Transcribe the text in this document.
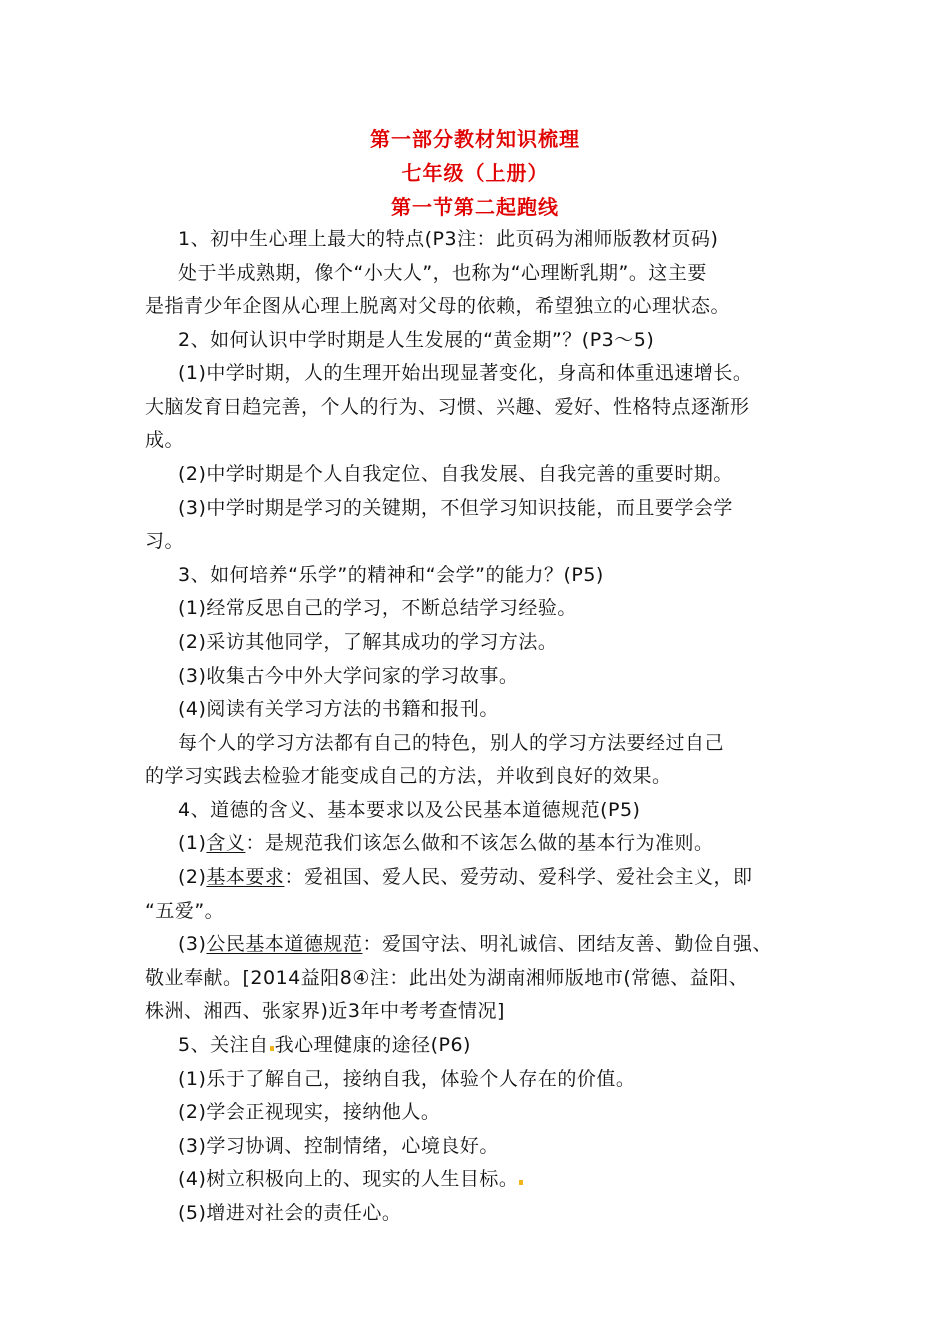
第一部分教材知识梳理
七年级（上册）
第一节第二起跑线
1、初中生心理上最大的特点(P3注：此页码为湘师版教材页码)
处于半成熟期，像个“小大人”，也称为“心理断乳期”。这主要
是指青少年企图从心理上脱离对父母的依赖，希望独立的心理状态。
2、如何认识中学时期是人生发展的“黄金期”？(P3～5)
(1)中学时期，人的生理开始出现显著变化，身高和体重迅速增长。
大脑发育日趋完善，个人的行为、习惯、兴趣、爱好、性格特点逐渐形
成。
(2)中学时期是个人自我定位、自我发展、自我完善的重要时期。
(3)中学时期是学习的关键期，不但学习知识技能，而且要学会学
习。
3、如何培养“乐学”的精神和“会学”的能力？(P5)
(1)经常反思自己的学习，不断总结学习经验。
(2)采访其他同学，了解其成功的学习方法。
(3)收集古今中外大学问家的学习故事。
(4)阅读有关学习方法的书籍和报刊。
每个人的学习方法都有自己的特色，别人的学习方法要经过自己
的学习实践去检验才能变成自己的方法，并收到良好的效果。
4、道德的含义、基本要求以及公民基本道德规范(P5)
(1)含义：是规范我们该怎么做和不该怎么做的基本行为准则。
(2)基本要求：爱祖国、爱人民、爱劳动、爱科学、爱社会主义，即
“五爱”。
(3)公民基本道德规范：爱国守法、明礼诚信、团结友善、勤俭自强、
敬业奉献。[2014益阳8④注：此出处为湖南湘师版地市(常德、益阳、
株洲、湘西、张家界)近3年中考考查情况]
5、关注自 我心理健康的途径(P6)
(1)乐于了解自己，接纳自我，体验个人存在的价值。
(2)学会正视现实，接纳他人。
(3)学习协调、控制情绪，心境良好。
(4)树立积极向上的、现实的人生目标。
(5)增进对社会的责任心。
